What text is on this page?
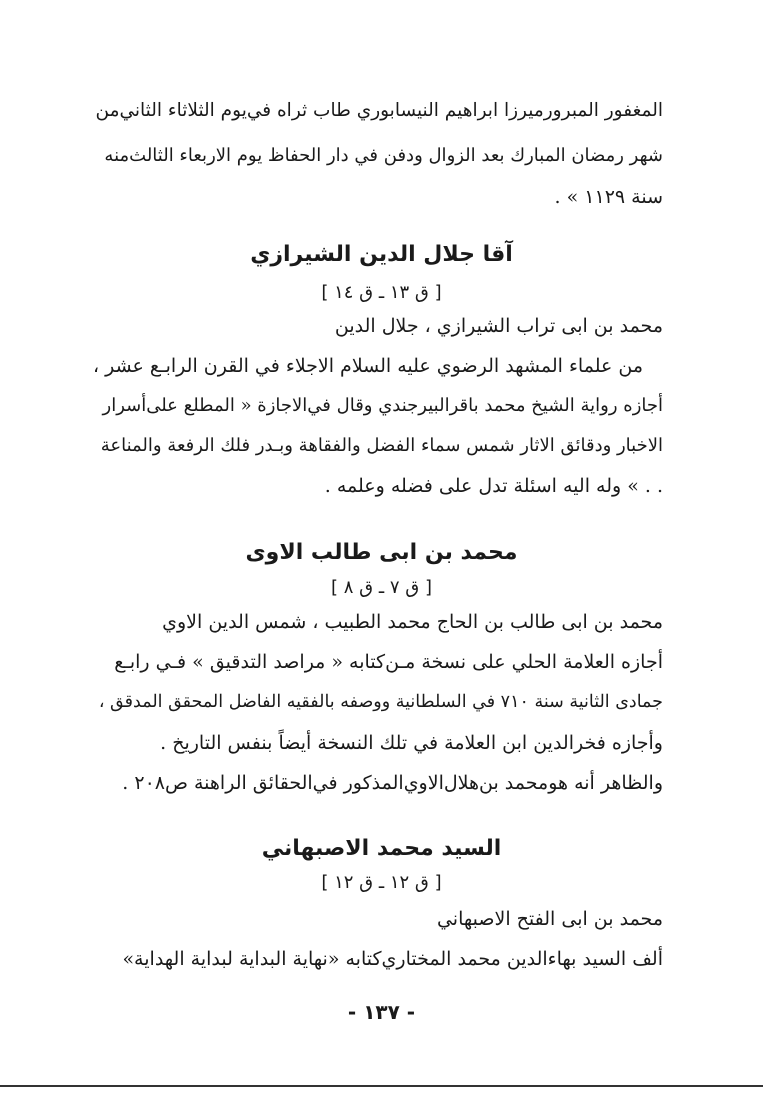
المغفور المبرورميرزا ابراهيم النيسابوري طاب ثراه في‌يوم الثلاثاء الثاني‌من
شهر رمضان المبارك بعد الزوال ودفن في دار الحفاظ يوم الاربعاء الثالث‌منه
سنة ١١٢٩ » .
آقا جلال الدين الشيرازي
[ ق ١٣ ـ ق ١٤ ]
محمد بن ابى تراب الشيرازي ، جلال الدين
من علماء المشهد الرضوي عليه السلام الاجلاء في القرن الرابـع عشر ،
أجازه رواية الشيخ محمد باقرالبيرجندي وقال في‌الاجازة « المطلع على‌أسرار
الاخبار ودقائق الاثار شمس سماء الفضل والفقاهة وبـدر فلك الرفعة والمناعة
. . » وله اليه اسئلة تدل على فضله وعلمه .
محمد بن ابى طالب الاوى
[ ق ٧ ـ ق ٨ ]
محمد بن ابى طالب بن الحاج محمد الطبيب ، شمس الدين الاوي
أجازه العلامة الحلي على نسخة مـن‌كتابه « مراصد التدقيق » فـي رابـع
جمادى الثانية سنة ٧١٠ في السلطانية ووصفه بالفقيه الفاضل المحقق المدقق ،
وأجازه فخرالدين ابن العلامة في تلك النسخة أيضاً بنفس التاريخ .
والظاهر أنه هومحمد بن‌هلال‌الاوي‌المذكور في‌الحقائق الراهنة ص٢٠٨ .
السيد محمد الاصبهاني
[ ق ١٢ ـ ق ١٢ ]
محمد بن ابى الفتح الاصبهاني
ألف السيد بهاءالدين محمد المختاري‌كتابه «نهاية البداية لبداية الهداية»
- ١٣٧ -
